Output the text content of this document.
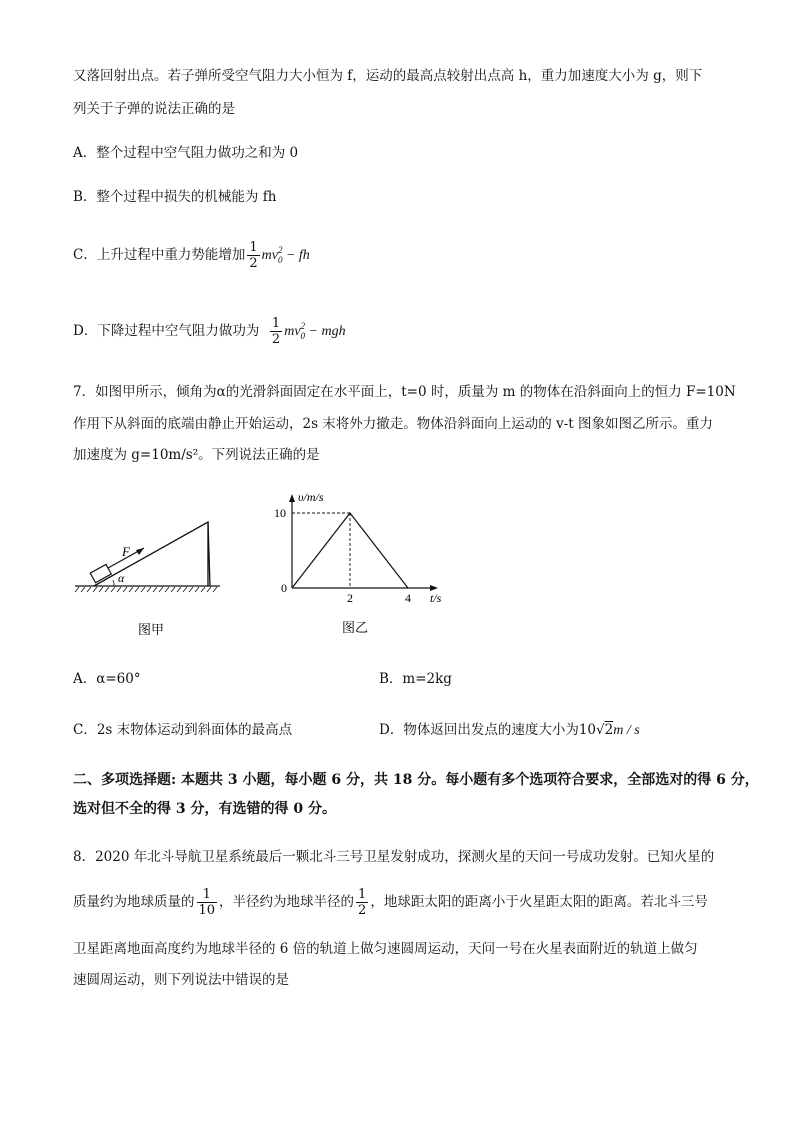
又落回射出点。若子弹所受空气阻力大小恒为 f，运动的最高点较射出点高 h，重力加速度大小为 g，则下
列关于子弹的说法正确的是
A．整个过程中空气阻力做功之和为 0
B．整个过程中损失的机械能为 fh
C．上升过程中重力势能增加 $\frac{1}{2}$ mv 2
$_0$ − fh
D．下降过程中空气阻力做功为 $\frac{1}{2}$ mv 2
$_0$ − mgh
7．如图甲所示，倾角为α的光滑斜面固定在水平面上，t=0 时，质量为 m 的物体在沿斜面向上的恒力 F=10N
作用下从斜面的底端由静止开始运动，2s 末将外力撤走。物体沿斜面向上运动的 v-t 图象如图乙所示。重力
加速度为 g=10m/s²。下列说法正确的是
F
α
图甲
υ/m/s
t/s
0
10
2	4
图乙
A．α=60°	B．m=2kg
C．2s 末物体运动到斜面体的最高点	D．物体返回出发点的速度大小为10√2m / s
二、多项选择题: 本题共 3 小题，每小题 6 分，共 18 分。每小题有多个选项符合要求，全部选对的得 6 分，
选对但不全的得 3 分，有选错的得 0 分。
8．2020 年北斗导航卫星系统最后一颗北斗三号卫星发射成功，探测火星的天问一号成功发射。已知火星的
质量约为地球质量的 $\frac{1}{10}$ ，半径约为地球半径的 $\frac{1}{2}$ ，地球距太阳的距离小于火星距太阳的距离。若北斗三号
卫星距离地面高度约为地球半径的 6 倍的轨道上做匀速圆周运动，天问一号在火星表面附近的轨道上做匀
速圆周运动，则下列说法中错误的是
